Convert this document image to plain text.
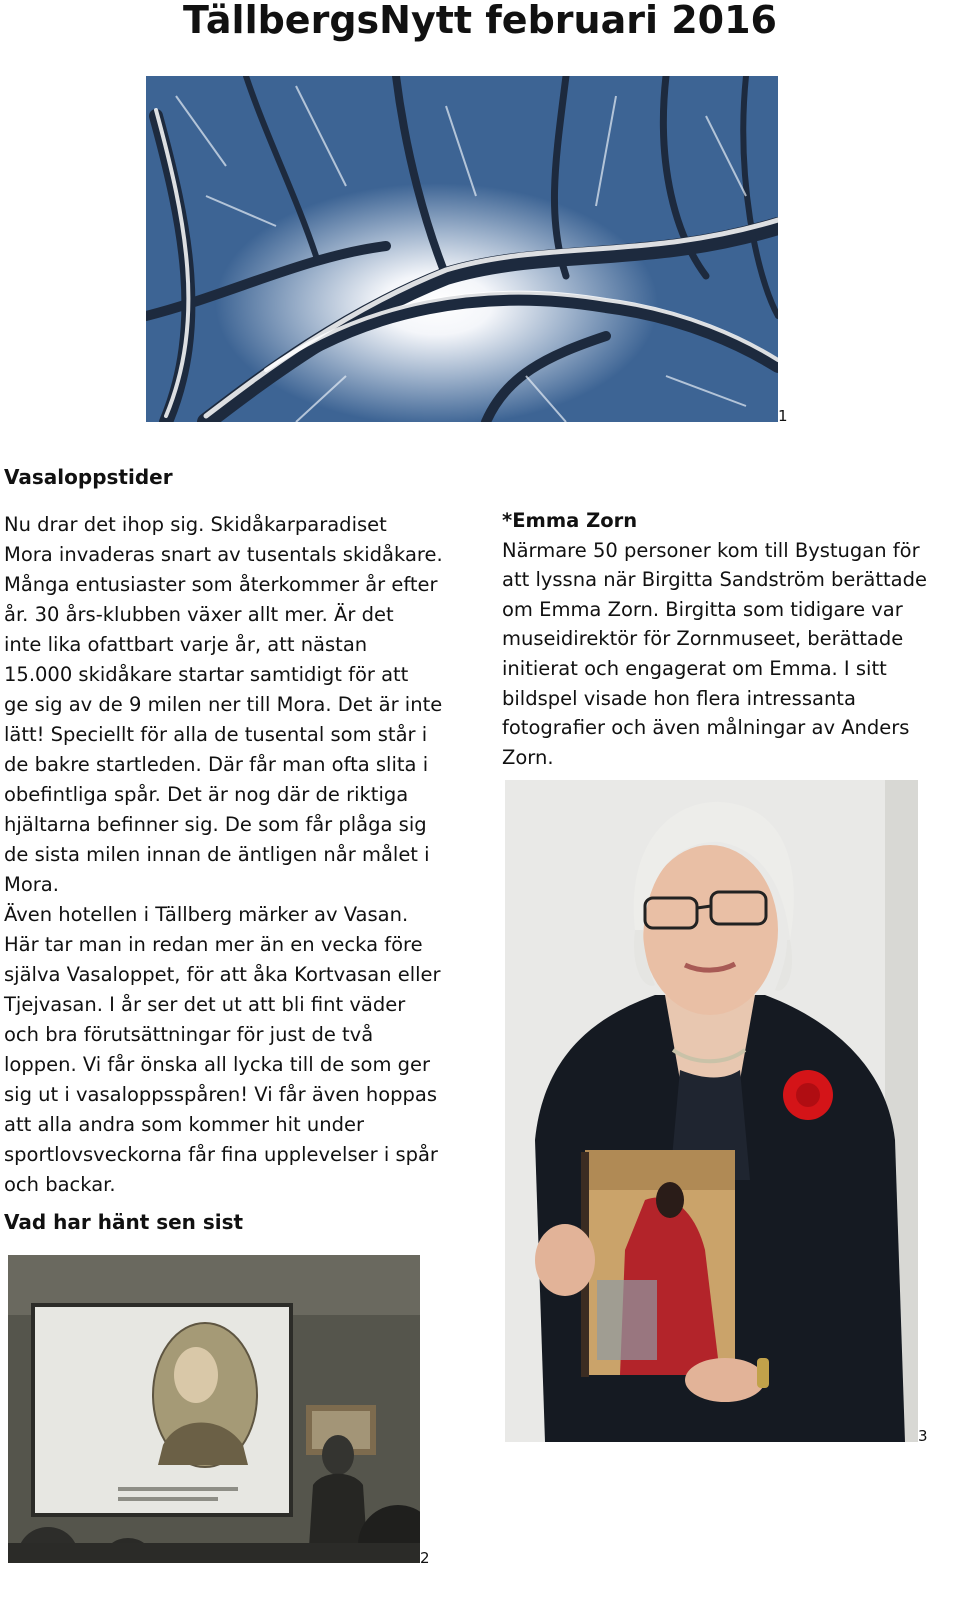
TällbergsNytt februari 2016
1
Vasaloppstider
Nu drar det ihop sig. Skidåkarparadiset
Mora invaderas snart av tusentals skidåkare.
Många entusiaster som återkommer år efter
år. 30 års-klubben växer allt mer. Är det
inte lika ofattbart varje år, att nästan
15.000 skidåkare startar samtidigt för att
ge sig av de 9 milen ner till Mora. Det är inte
lätt! Speciellt för alla de tusental som står i
de bakre startleden. Där får man ofta slita i
obefintliga spår. Det är nog där de riktiga
hjältarna befinner sig. De som får plåga sig
de sista milen innan de äntligen når målet i
Mora.
Även hotellen i Tällberg märker av Vasan.
Här tar man in redan mer än en vecka före
själva Vasaloppet, för att åka Kortvasan eller
Tjejvasan. I år ser det ut att bli fint väder
och bra förutsättningar för just de två
loppen. Vi får önska all lycka till de som ger
sig ut i vasaloppsspåren! Vi får även hoppas
att alla andra som kommer hit under
sportlovsveckorna får fina upplevelser i spår
och backar.
*Emma Zorn
Närmare 50 personer kom till Bystugan för
att lyssna när Birgitta Sandström berättade
om Emma Zorn. Birgitta som tidigare var
museidirektör för Zornmuseet, berättade
initierat och engagerat om Emma. I sitt
bildspel visade hon flera intressanta
fotografier och även målningar av Anders
Zorn.
3
Vad har hänt sen sist
2
